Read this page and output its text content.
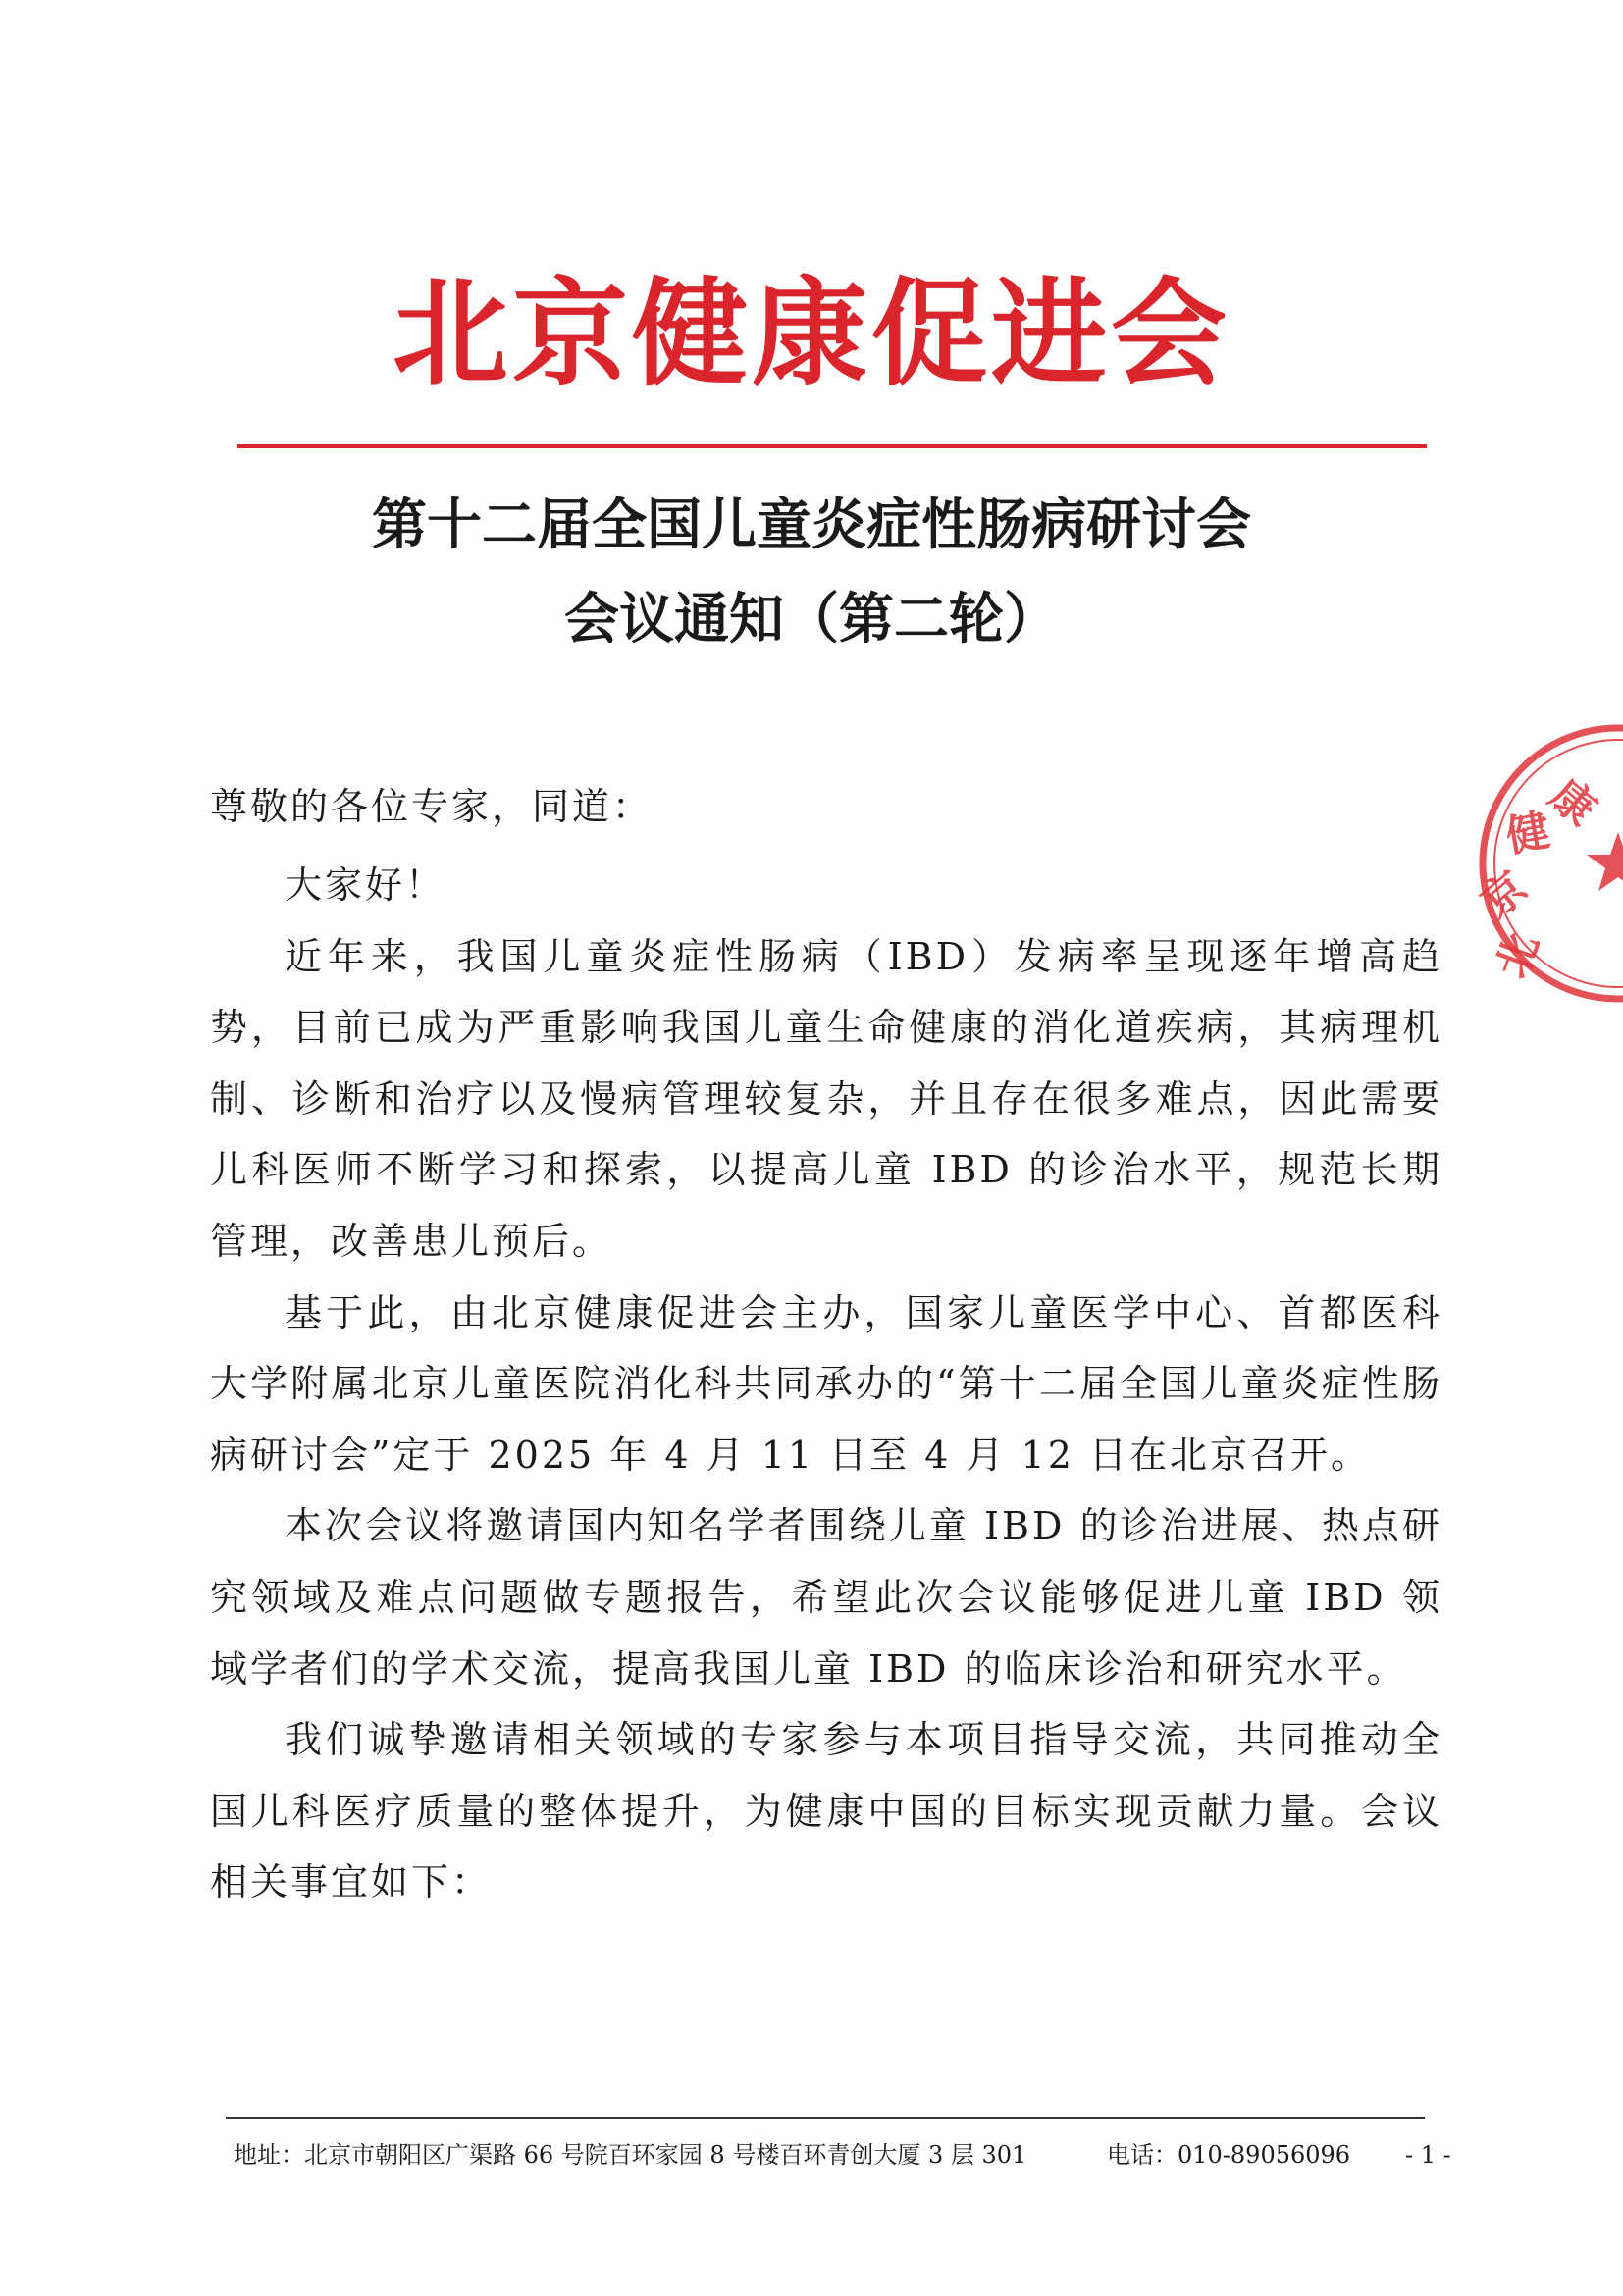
北京健康促进会
第十二届全国儿童炎症性肠病研讨会
会议通知（第二轮）
尊敬的各位专家，同道：

大家好！

近年来，我国儿童炎症性肠病（IBD）发病率呈现逐年增高趋势，目前已成为严重影响我国儿童生命健康的消化道疾病，其病理机制、诊断和治疗以及慢病管理较复杂，并且存在很多难点，因此需要儿科医师不断学习和探索，以提高儿童 IBD 的诊治水平，规范长期管理，改善患儿预后。

基于此，由北京健康促进会主办，国家儿童医学中心、首都医科大学附属北京儿童医院消化科共同承办的“第十二届全国儿童炎症性肠病研讨会”定于 2025 年 4 月 11 日至 4 月 12 日在北京召开。

本次会议将邀请国内知名学者围绕儿童 IBD 的诊治进展、热点研究领域及难点问题做专题报告，希望此次会议能够促进儿童 IBD 领域学者们的学术交流，提高我国儿童 IBD 的临床诊治和研究水平。

我们诚挚邀请相关领域的专家参与本项目指导交流，共同推动全国儿科医疗质量的整体提升，为健康中国的目标实现贡献力量。会议相关事宜如下：

康
健
京
北
地址：北京市朝阳区广渠路 66 号院百环家园 8 号楼百环青创大厦 3 层 301	电话：010-89056096 - 1 -
